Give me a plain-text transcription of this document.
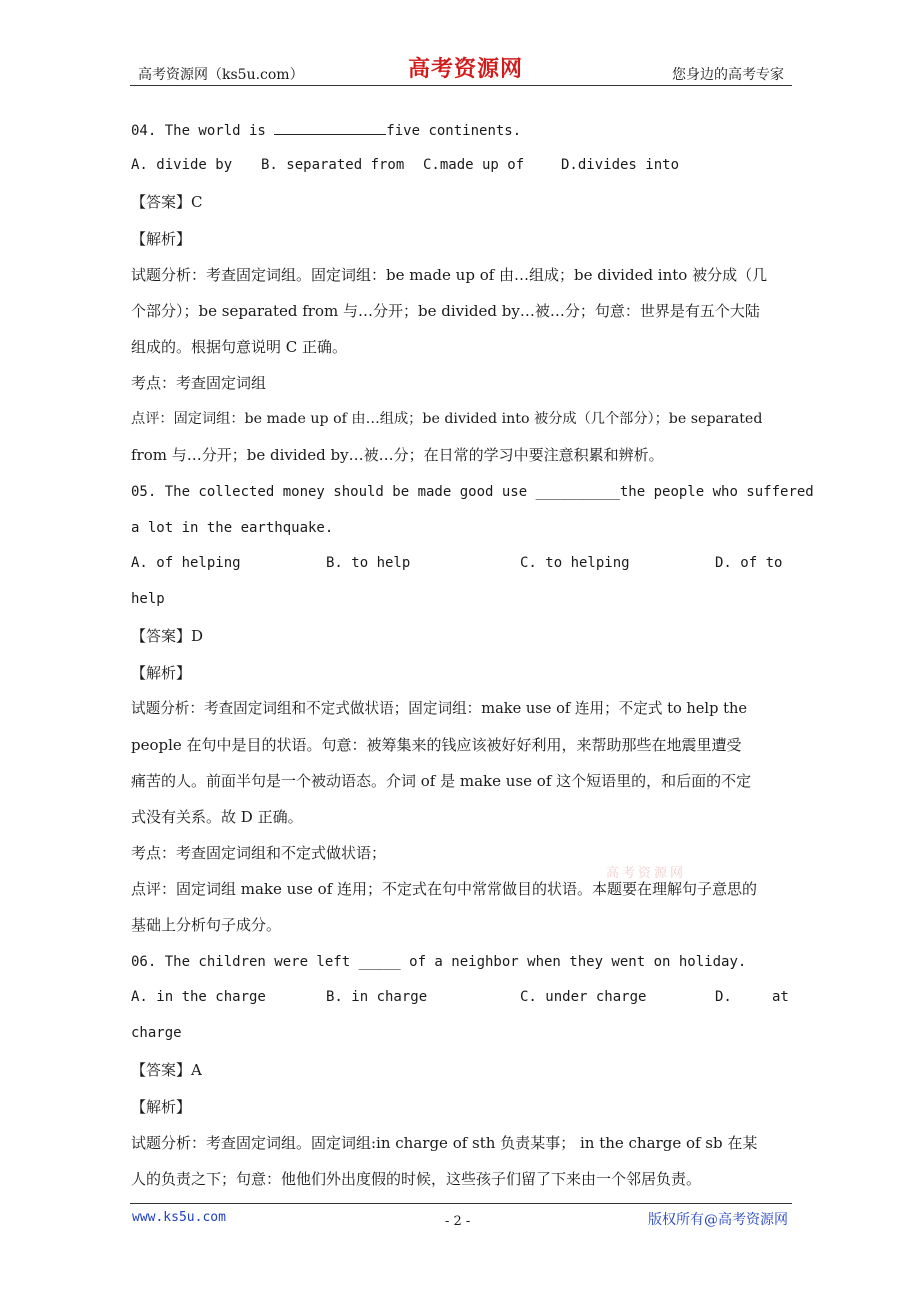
高考资源网（ks5u.com）	高考资源网	您身边的高考专家
04. The world is	five continents.
A. divide by B. separated from C.made up of	D.divides into
【答案】C
【解析】
试题分析：考查固定词组。固定词组：be made up of 由…组成；be divided into 被分成（几
个部分）；be separated from 与…分开；be divided by…被…分；句意：世界是有五个大陆
组成的。根据句意说明 C 正确。
考点：考查固定词组
点评：固定词组：be made up of 由…组成；be divided into 被分成（几个部分）；be separated
from 与…分开；be divided by…被…分；在日常的学习中要注意积累和辨析。
05. The collected money should be made good use __________the people who suffered
a lot in the earthquake.
A. of helping	B. to help	C. to helping	D. of to
help
【答案】D
【解析】
试题分析：考查固定词组和不定式做状语；固定词组：make use of 连用；不定式 to help the
people 在句中是目的状语。句意：被筹集来的钱应该被好好利用，来帮助那些在地震里遭受
痛苦的人。前面半句是一个被动语态。介词 of 是 make use of 这个短语里的，和后面的不定
式没有关系。故 D 正确。
考点：考查固定词组和不定式做状语；
点评：固定词组 make use of 连用；不定式在句中常常做目的状语。本题要在理解句子意思的
基础上分析句子成分。
高考资源网
06. The children were left _____ of a neighbor when they went on holiday.
A. in the charge	B. in charge	C. under charge	D.	at
charge
【答案】A
【解析】
试题分析：考查固定词组。固定词组:in charge of sth 负责某事； in the charge of sb 在某
人的负责之下；句意：他他们外出度假的时候，这些孩子们留了下来由一个邻居负责。
www.ks5u.com	- 2 -	版权所有@高考资源网
